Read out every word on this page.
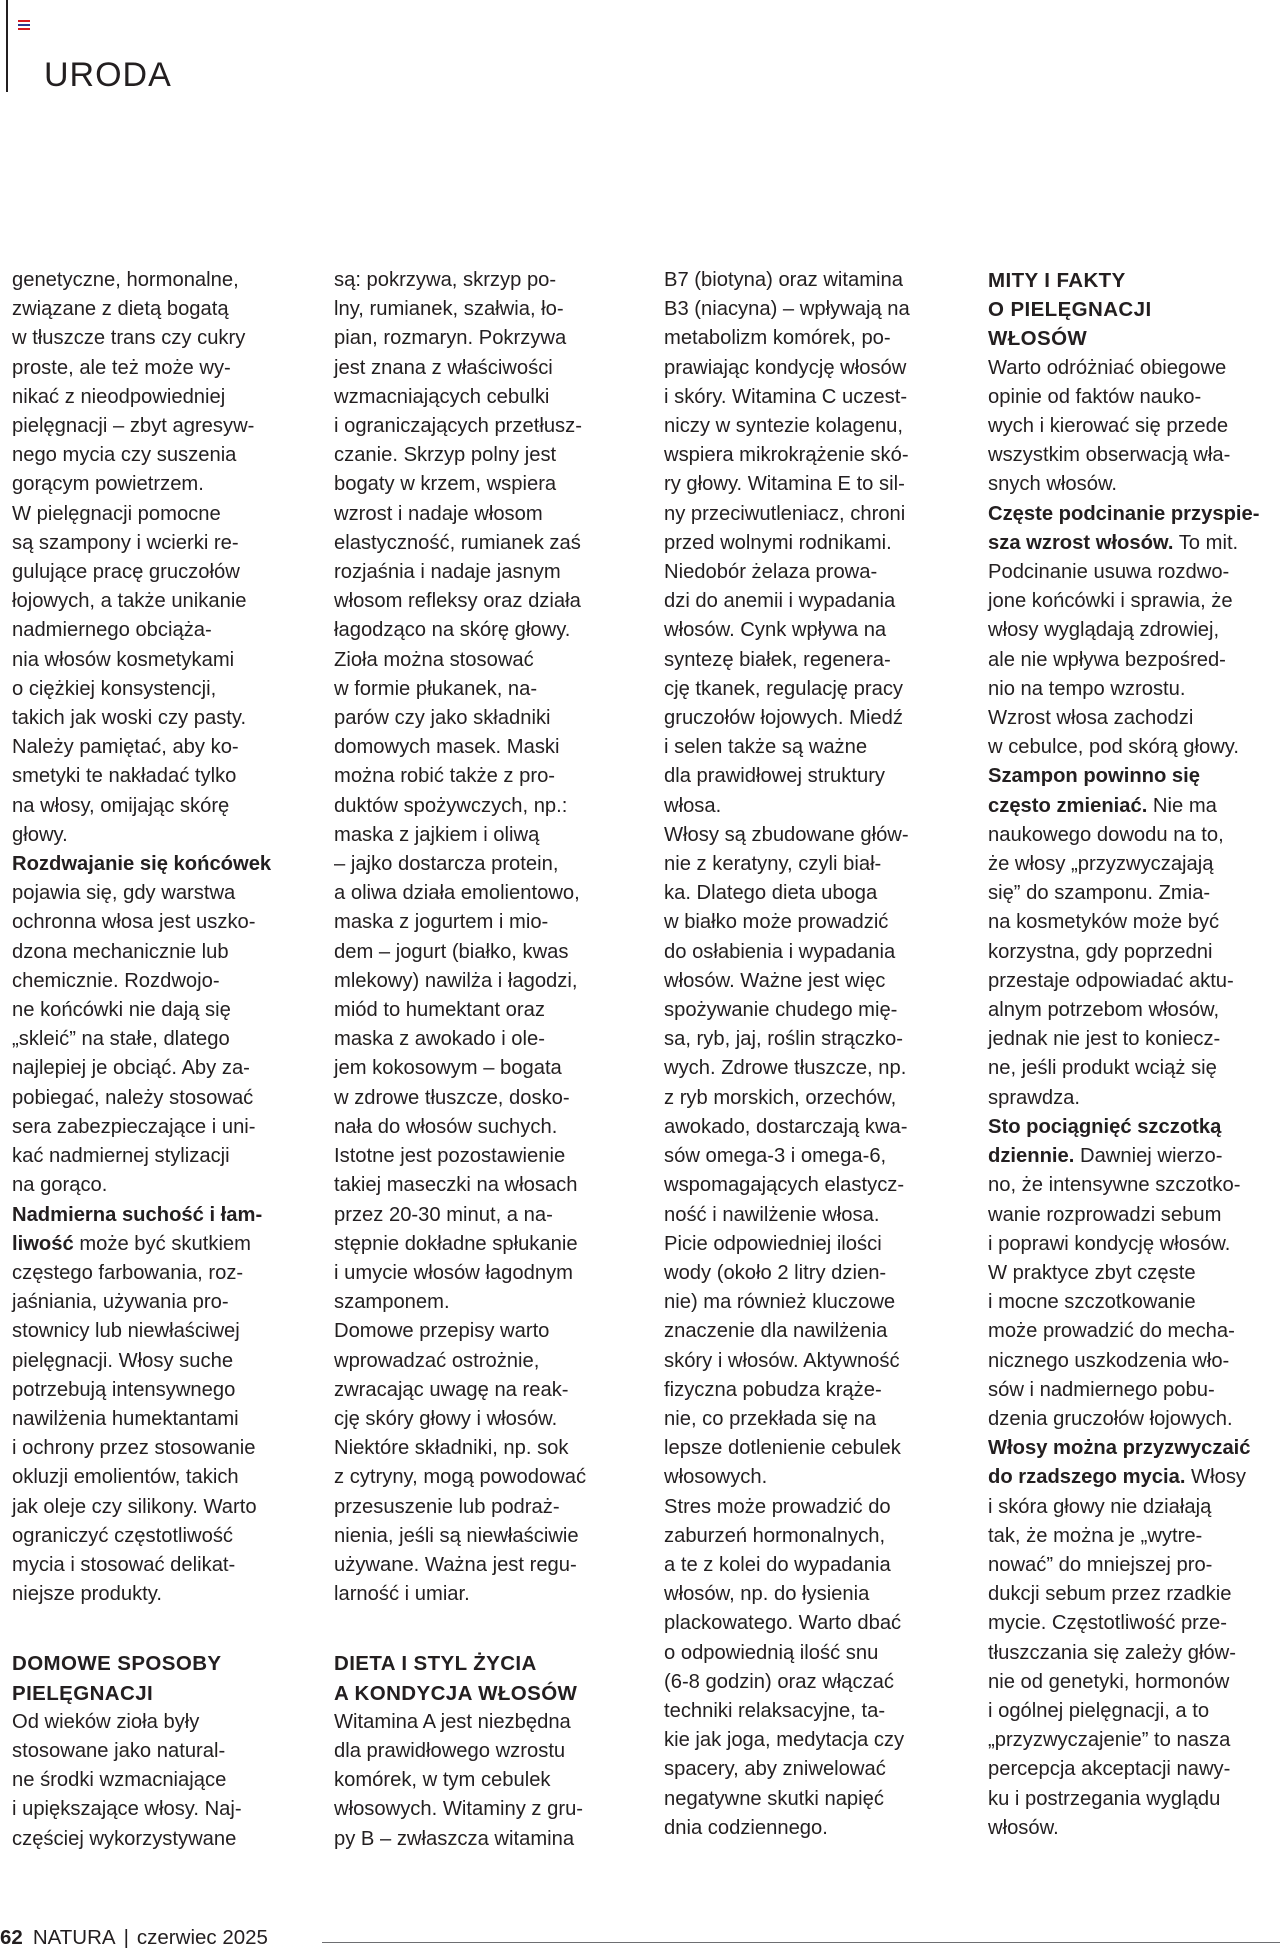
URODA

genetyczne, hormonalne,
związane z dietą bogatą
w tłuszcze trans czy cukry
proste, ale też może wy-
nikać z nieodpowiedniej
pielęgnacji – zbyt agresyw-
nego mycia czy suszenia
gorącym powietrzem.

W pielęgnacji pomocne
są szampony i wcierki re-
gulujące pracę gruczołów
łojowych, a także unikanie
nadmiernego obciąża-
nia włosów kosmetykami
o ciężkiej konsystencji,
takich jak woski czy pasty.
Należy pamiętać, aby ko-
smetyki te nakładać tylko
na włosy, omijając skórę
głowy.

Rozdwajanie się końcówek
pojawia się, gdy warstwa
ochronna włosa jest uszko-
dzona mechanicznie lub
chemicznie. Rozdwojo-
ne końcówki nie dają się
„skleić” na stałe, dlatego
najlepiej je obciąć. Aby za-
pobiegać, należy stosować
sera zabezpieczające i uni-
kać nadmiernej stylizacji
na gorąco.

Nadmierna suchość i łam-
liwość może być skutkiem
częstego farbowania, roz-
jaśniania, używania pro-
stownicy lub niewłaściwej
pielęgnacji. Włosy suche
potrzebują intensywnego
nawilżenia humektantami
i ochrony przez stosowanie
okluzji emolientów, takich
jak oleje czy silikony. Warto
ograniczyć częstotliwość
mycia i stosować delikat-
niejsze produkty.

DOMOWE SPOSOBY
PIELĘGNACJI

Od wieków zioła były
stosowane jako natural-
ne środki wzmacniające
i upiększające włosy. Naj-
częściej wykorzystywane

są: pokrzywa, skrzyp po-
lny, rumianek, szałwia, ło-
pian, rozmaryn. Pokrzywa
jest znana z właściwości
wzmacniających cebulki
i ograniczających przetłusz-
czanie. Skrzyp polny jest
bogaty w krzem, wspiera
wzrost i nadaje włosom
elastyczność, rumianek zaś
rozjaśnia i nadaje jasnym
włosom refleksy oraz działa
łagodząco na skórę głowy.

Zioła można stosować
w formie płukanek, na-
parów czy jako składniki
domowych masek. Maski
można robić także z pro-
duktów spożywczych, np.:
maska z jajkiem i oliwą
– jajko dostarcza protein,
a oliwa działa emolientowo,
maska z jogurtem i mio-
dem – jogurt (białko, kwas
mlekowy) nawilża i łagodzi,
miód to humektant oraz
maska z awokado i ole-
jem kokosowym – bogata
w zdrowe tłuszcze, dosko-
nała do włosów suchych.
Istotne jest pozostawienie
takiej maseczki na włosach
przez 20-30 minut, a na-
stępnie dokładne spłukanie
i umycie włosów łagodnym
szamponem.

Domowe przepisy warto
wprowadzać ostrożnie,
zwracając uwagę na reak-
cję skóry głowy i włosów.
Niektóre składniki, np. sok
z cytryny, mogą powodować
przesuszenie lub podraż-
nienia, jeśli są niewłaściwie
używane. Ważna jest regu-
larność i umiar.

DIETA I STYL ŻYCIA
A KONDYCJA WŁOSÓW

Witamina A jest niezbędna
dla prawidłowego wzrostu
komórek, w tym cebulek
włosowych. Witaminy z gru-
py B – zwłaszcza witamina

B7 (biotyna) oraz witamina
B3 (niacyna) – wpływają na
metabolizm komórek, po-
prawiając kondycję włosów
i skóry. Witamina C uczest-
niczy w syntezie kolagenu,
wspiera mikrokrążenie skó-
ry głowy. Witamina E to sil-
ny przeciwutleniacz, chroni
przed wolnymi rodnikami.
Niedobór żelaza prowa-
dzi do anemii i wypadania
włosów. Cynk wpływa na
syntezę białek, regenera-
cję tkanek, regulację pracy
gruczołów łojowych. Miedź
i selen także są ważne
dla prawidłowej struktury
włosa.

Włosy są zbudowane głów-
nie z keratyny, czyli biał-
ka. Dlatego dieta uboga
w białko może prowadzić
do osłabienia i wypadania
włosów. Ważne jest więc
spożywanie chudego mię-
sa, ryb, jaj, roślin strączko-
wych. Zdrowe tłuszcze, np.
z ryb morskich, orzechów,
awokado, dostarczają kwa-
sów omega-3 i omega-6,
wspomagających elastycz-
ność i nawilżenie włosa.

Picie odpowiedniej ilości
wody (około 2 litry dzien-
nie) ma również kluczowe
znaczenie dla nawilżenia
skóry i włosów. Aktywność
fizyczna pobudza krąże-
nie, co przekłada się na
lepsze dotlenienie cebulek
włosowych.

Stres może prowadzić do
zaburzeń hormonalnych,
a te z kolei do wypadania
włosów, np. do łysienia
plackowatego. Warto dbać
o odpowiednią ilość snu
(6-8 godzin) oraz włączać
techniki relaksacyjne, ta-
kie jak joga, medytacja czy
spacery, aby zniwelować
negatywne skutki napięć
dnia codziennego.

MITY I FAKTY
O PIELĘGNACJI
WŁOSÓW

Warto odróżniać obiegowe
opinie od faktów nauko-
wych i kierować się przede
wszystkim obserwacją wła-
snych włosów.

Częste podcinanie przyspie-
sza wzrost włosów. To mit.
Podcinanie usuwa rozdwo-
jone końcówki i sprawia, że
włosy wyglądają zdrowiej,
ale nie wpływa bezpośred-
nio na tempo wzrostu.
Wzrost włosa zachodzi
w cebulce, pod skórą głowy.

Szampon powinno się
często zmieniać. Nie ma
naukowego dowodu na to,
że włosy „przyzwyczajają
się” do szamponu. Zmia-
na kosmetyków może być
korzystna, gdy poprzedni
przestaje odpowiadać aktu-
alnym potrzebom włosów,
jednak nie jest to koniecz-
ne, jeśli produkt wciąż się
sprawdza.

Sto pociągnięć szczotką
dziennie. Dawniej wierzo-
no, że intensywne szczotko-
wanie rozprowadzi sebum
i poprawi kondycję włosów.
W praktyce zbyt częste
i mocne szczotkowanie
może prowadzić do mecha-
nicznego uszkodzenia wło-
sów i nadmiernego pobu-
dzenia gruczołów łojowych.

Włosy można przyzwyczaić
do rzadszego mycia. Włosy
i skóra głowy nie działają
tak, że można je „wytre-
nować” do mniejszej pro-
dukcji sebum przez rzadkie
mycie. Częstotliwość prze-
tłuszczania się zależy głów-
nie od genetyki, hormonów
i ogólnej pielęgnacji, a to
„przyzwyczajenie” to nasza
percepcja akceptacji nawy-
ku i postrzegania wyglądu
włosów.

62 NATURA | czerwiec 2025
